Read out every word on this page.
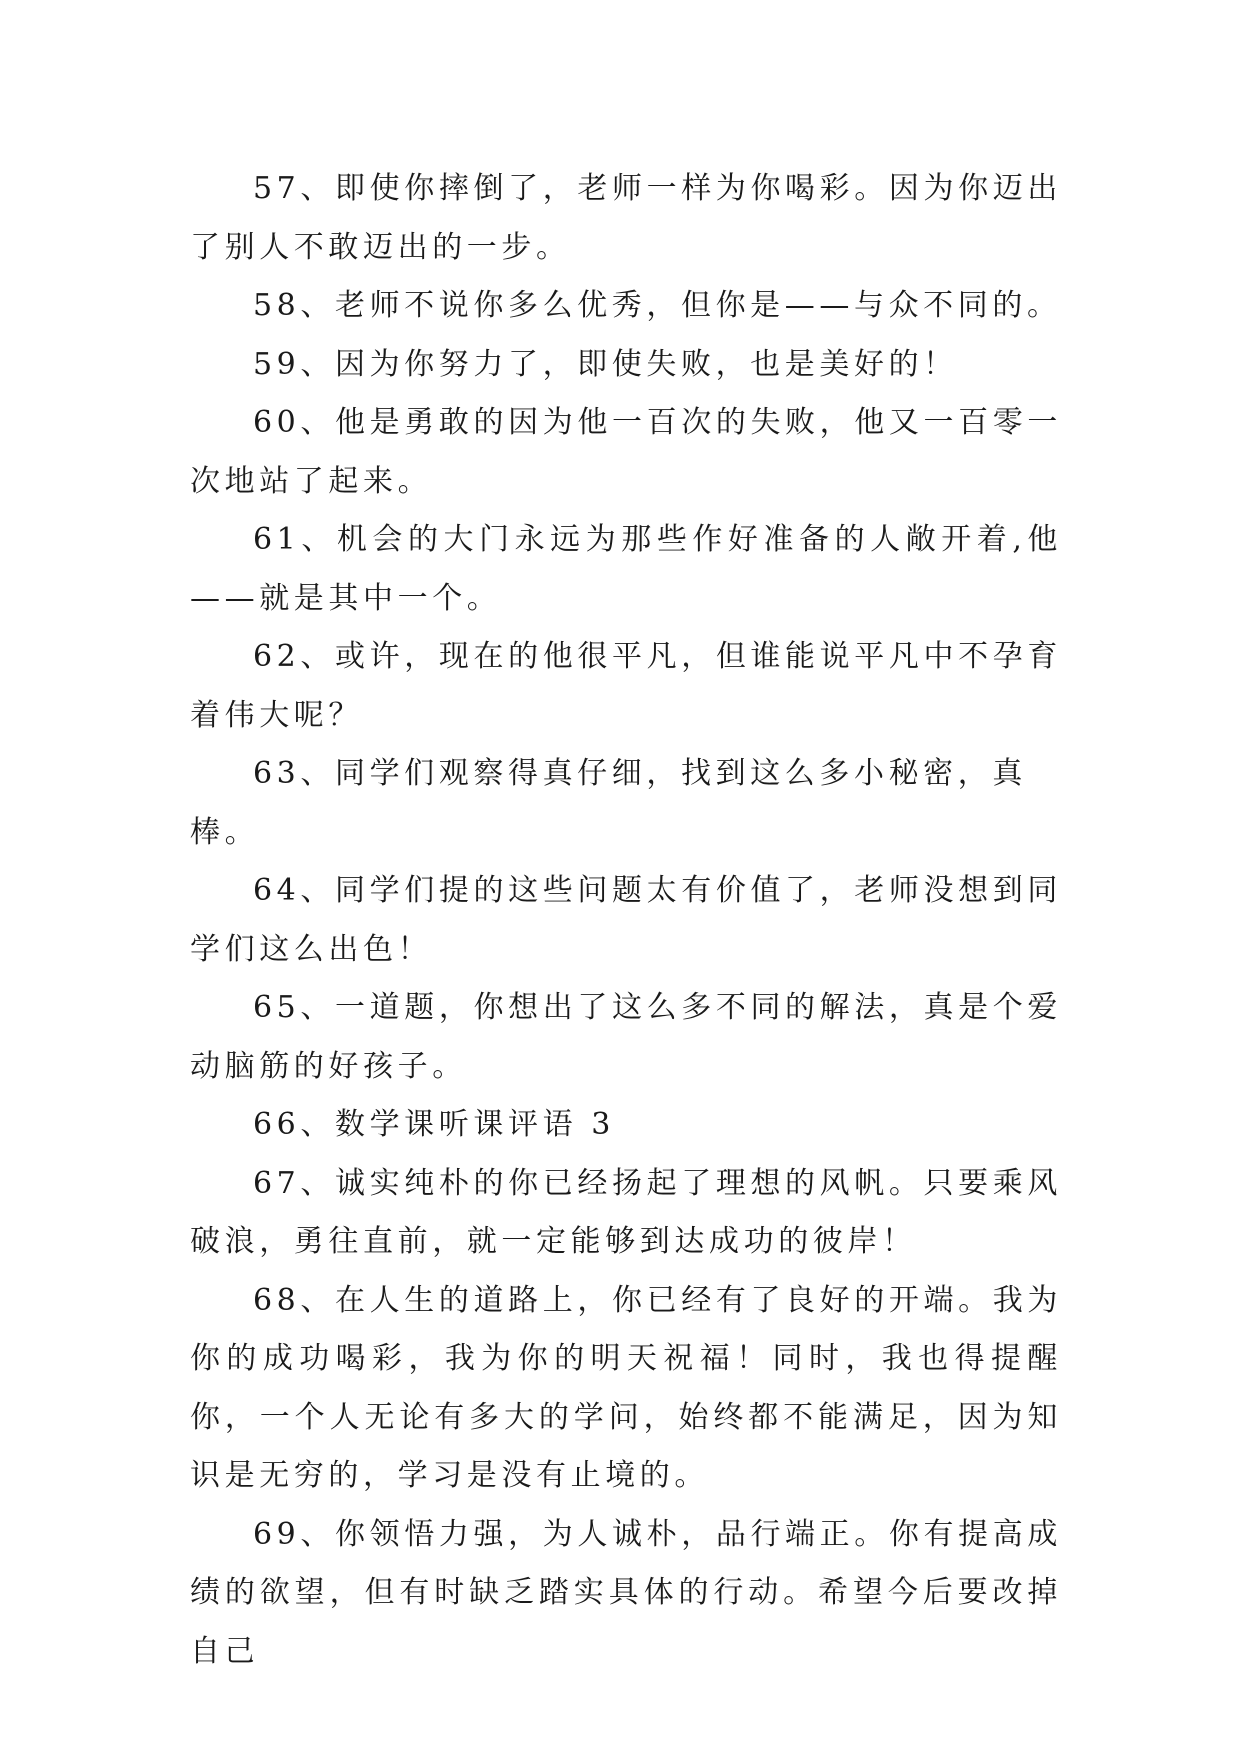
57、即使你摔倒了，老师一样为你喝彩。因为你迈出了别人不敢迈出的一步。

58、老师不说你多么优秀，但你是——与众不同的。

59、因为你努力了，即使失败，也是美好的！

60、他是勇敢的因为他一百次的失败，他又一百零一次地站了起来。

61、机会的大门永远为那些作好准备的人敞开着,他——就是其中一个。

62、或许，现在的他很平凡，但谁能说平凡中不孕育着伟大呢？

63、同学们观察得真仔细，找到这么多小秘密，真棒。

64、同学们提的这些问题太有价值了，老师没想到同学们这么出色！

65、一道题，你想出了这么多不同的解法，真是个爱动脑筋的好孩子。

66、数学课听课评语 3

67、诚实纯朴的你已经扬起了理想的风帆。只要乘风破浪，勇往直前，就一定能够到达成功的彼岸！

68、在人生的道路上，你已经有了良好的开端。我为你的成功喝彩，我为你的明天祝福！同时，我也得提醒你，一个人无论有多大的学问，始终都不能满足，因为知识是无穷的，学习是没有止境的。

69、你领悟力强，为人诚朴，品行端正。你有提高成绩的欲望，但有时缺乏踏实具体的行动。希望今后要改掉自己
